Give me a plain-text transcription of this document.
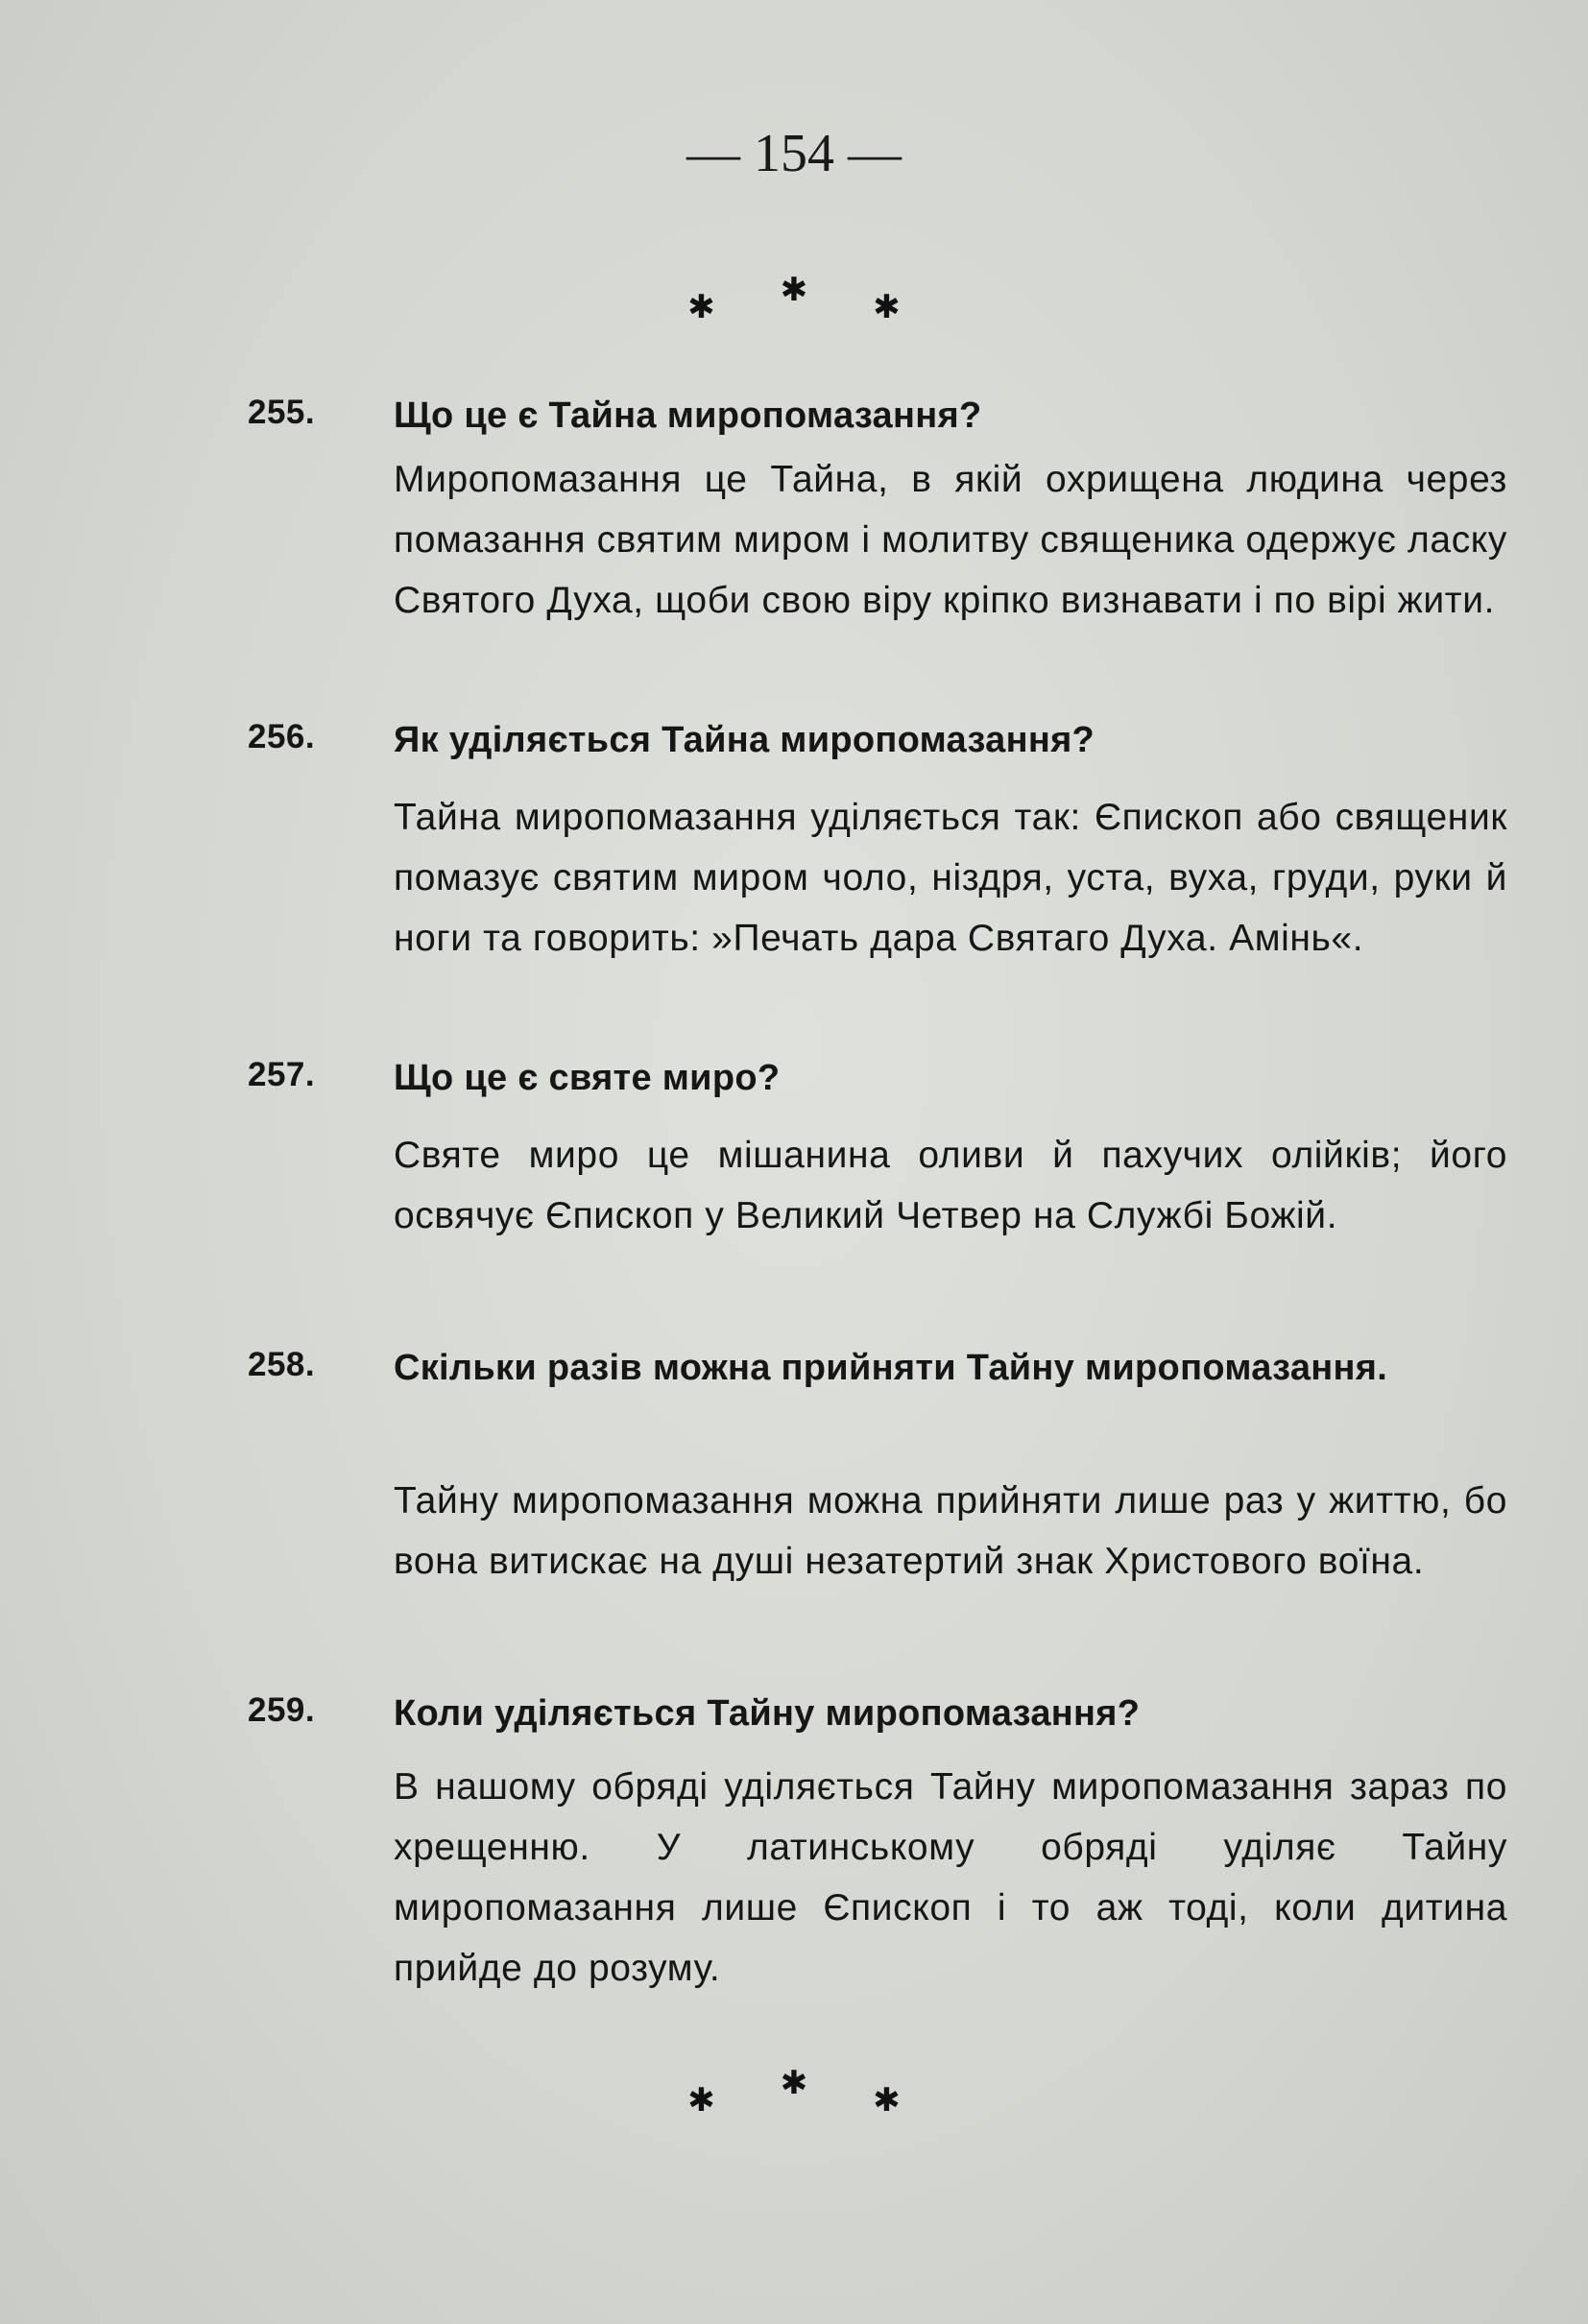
— 154 —
✱ ✱ ✱
255. Що це є Тайна миропомазання?
Миропомазання це Тайна, в якій охрищена людина через помазання святим миром і молитву священика одержує ласку Святого Духа, щоби свою віру кріпко визнавати і по вірі жити.
256. Як уділяється Тайна миропомазання?
Тайна миропомазання уділяється так: Єпископ або священик помазує святим миром чоло, ніздря, уста, вуха, груди, руки й ноги та говорить: »Печать дара Святаго Духа. Амінь«.
257. Що це є святе миро?
Святе миро це мішанина оливи й пахучих олійків; його освячує Єпископ у Великий Четвер на Службі Божій.
258. Скільки разів можна прийняти Тайну миропомазання.
Тайну миропомазання можна прийняти лише раз у життю, бо вона витискає на душі незатертий знак Христового воїна.
259. Коли уділяється Тайну миропомазання?
В нашому обряді уділяється Тайну миропомазання зараз по хрещенню. У латинському обряді уділяє Тайну миропомазання лише Єпископ і то аж тоді, коли дитина прийде до розуму.
✱ ✱ ✱
